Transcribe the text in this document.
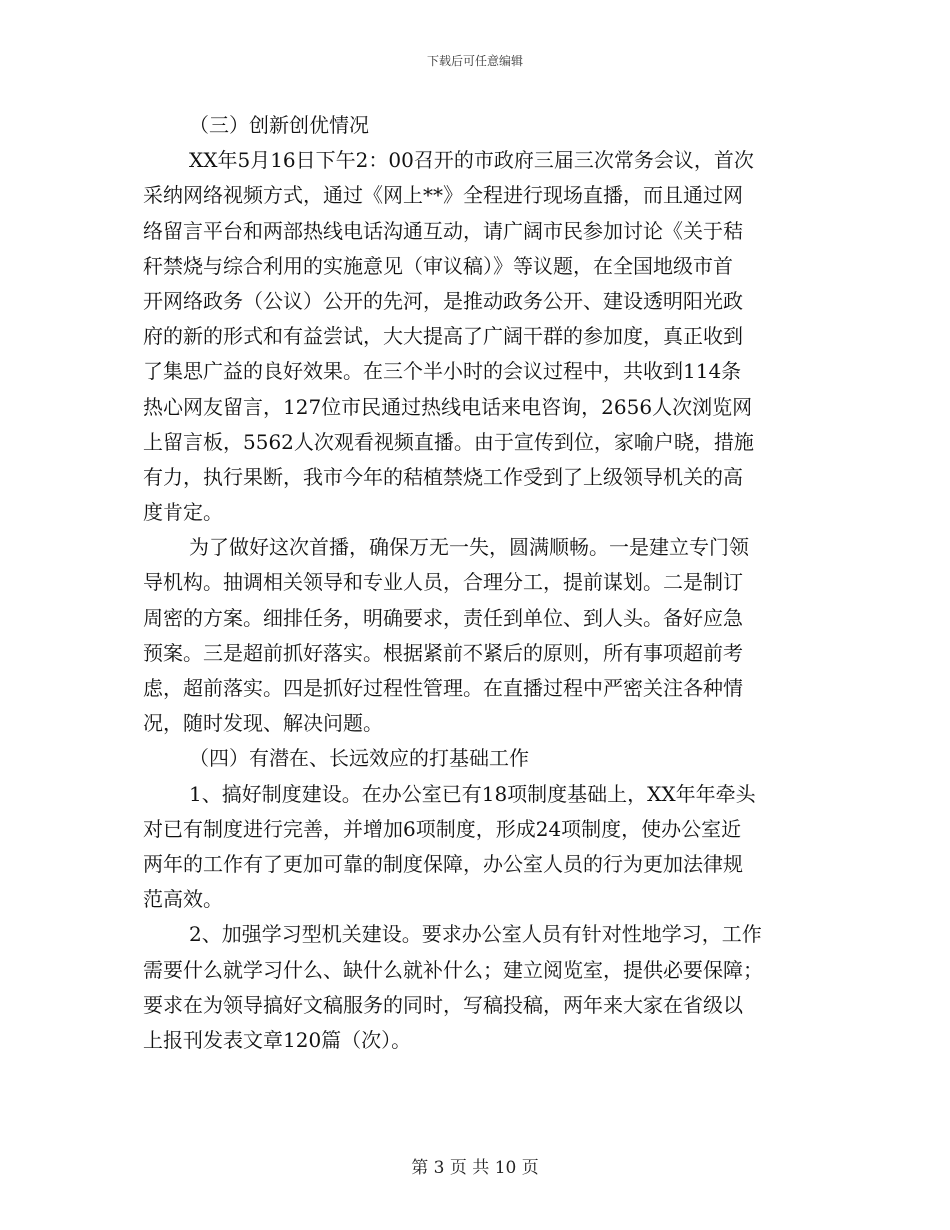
下载后可任意编辑
（三）创新创优情况
XX年5月16日下午2：00召开的市政府三届三次常务会议，首次
采纳网络视频方式，通过《网上**》全程进行现场直播，而且通过网
络留言平台和两部热线电话沟通互动，请广阔市民参加讨论《关于秸
秆禁烧与综合利用的实施意见（审议稿）》等议题，在全国地级市首
开网络政务（公议）公开的先河，是推动政务公开、建设透明阳光政
府的新的形式和有益尝试，大大提高了广阔干群的参加度，真正收到
了集思广益的良好效果。在三个半小时的会议过程中，共收到114条
热心网友留言，127位市民通过热线电话来电咨询，2656人次浏览网
上留言板，5562人次观看视频直播。由于宣传到位，家喻户晓，措施
有力，执行果断，我市今年的秸植禁烧工作受到了上级领导机关的高
度肯定。
为了做好这次首播，确保万无一失，圆满顺畅。一是建立专门领
导机构。抽调相关领导和专业人员，合理分工，提前谋划。二是制订
周密的方案。细排任务，明确要求，责任到单位、到人头。备好应急
预案。三是超前抓好落实。根据紧前不紧后的原则，所有事项超前考
虑，超前落实。四是抓好过程性管理。在直播过程中严密关注各种情
况，随时发现、解决问题。
（四）有潜在、长远效应的打基础工作
1、搞好制度建设。在办公室已有18项制度基础上，XX年年牵头
对已有制度进行完善，并增加6项制度，形成24项制度，使办公室近
两年的工作有了更加可靠的制度保障，办公室人员的行为更加法律规
范高效。
2、加强学习型机关建设。要求办公室人员有针对性地学习，工作
需要什么就学习什么、缺什么就补什么；建立阅览室，提供必要保障；
要求在为领导搞好文稿服务的同时，写稿投稿，两年来大家在省级以
上报刊发表文章120篇（次）。
第 3 页 共 10 页
